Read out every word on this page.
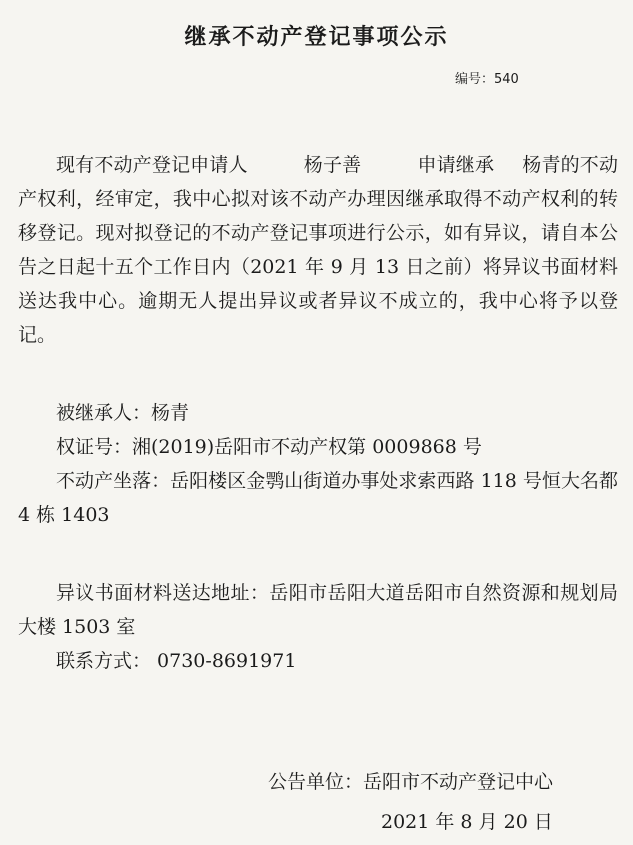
继承不动产登记事项公示
编号：540
现有不动产登记申请人	杨子善	申请继承 杨青的不动产权利，经审定，我中心拟对该不动产办理因继承取得不动产权利的转移登记。现对拟登记的不动产登记事项进行公示，如有异议，请自本公告之日起十五个工作日内（2021 年 9 月 13 日之前）将异议书面材料送达我中心。逾期无人提出异议或者异议不成立的，我中心将予以登记。
被继承人：杨青
权证号：湘(2019)岳阳市不动产权第 0009868 号
不动产坐落：岳阳楼区金鹗山街道办事处求索西路 118 号恒大名都 4 栋 1403
异议书面材料送达地址：岳阳市岳阳大道岳阳市自然资源和规划局大楼 1503 室
联系方式： 0730-8691971
公告单位：岳阳市不动产登记中心
2021 年 8 月 20 日
